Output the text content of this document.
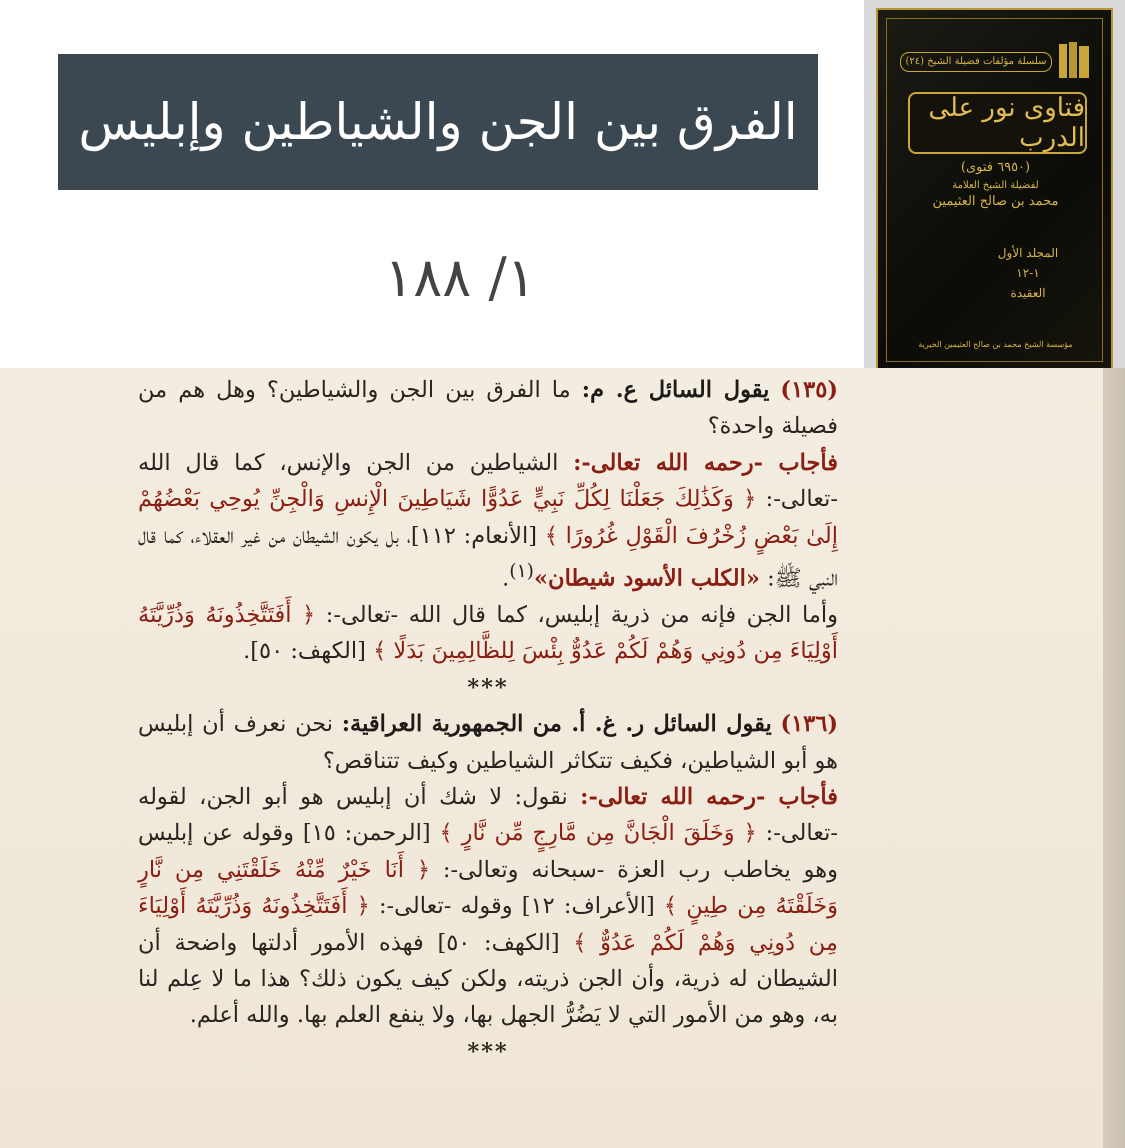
الفرق بين الجن والشياطين وإبليس
١/ ١٨٨
سلسلة مؤلفات فضيلة الشيخ (٢٤)
فتاوى نور على الدرب
(٦٩٥٠ فتوى)
لفضيلة الشيخ العلامة
محمد بن صالح العثيمين
المجلد الأول
١-١٢
العقيدة
مؤسسة الشيخ محمد بن صالح العثيمين الخيرية

(١٣٥) يقول السائل ع. م: ما الفرق بين الجن والشياطين؟ وهل هم من فصيلة واحدة؟

فأجاب -رحمه الله تعالى-: الشياطين من الجن والإنس، كما قال الله -تعالى-: ﴿ وَكَذَٰلِكَ جَعَلْنَا لِكُلِّ نَبِيٍّ عَدُوًّا شَيَاطِينَ الْإِنسِ وَالْجِنِّ يُوحِي بَعْضُهُمْ إِلَىٰ بَعْضٍ زُخْرُفَ الْقَوْلِ غُرُورًا ﴾ [الأنعام: ١١٢]، بل يكون الشيطان من غير العقلاء، كما قال النبي ﷺ: «الكلب الأسود شيطان»$^{(١)}$.

وأما الجن فإنه من ذرية إبليس، كما قال الله -تعالى-: ﴿ أَفَتَتَّخِذُونَهُ وَذُرِّيَّتَهُ أَوْلِيَاءَ مِن دُونِي وَهُمْ لَكُمْ عَدُوٌّ بِئْسَ لِلظَّالِمِينَ بَدَلًا ﴾ [الكهف: ٥٠].

***

(١٣٦) يقول السائل ر. غ. أ. من الجمهورية العراقية: نحن نعرف أن إبليس هو أبو الشياطين، فكيف تتكاثر الشياطين وكيف تتناقص؟

فأجاب -رحمه الله تعالى-: نقول: لا شك أن إبليس هو أبو الجن، لقوله -تعالى-: ﴿ وَخَلَقَ الْجَانَّ مِن مَّارِجٍ مِّن نَّارٍ ﴾ [الرحمن: ١٥] وقوله عن إبليس وهو يخاطب رب العزة -سبحانه وتعالى-: ﴿ أَنَا خَيْرٌ مِّنْهُ خَلَقْتَنِي مِن نَّارٍ وَخَلَقْتَهُ مِن طِينٍ ﴾ [الأعراف: ١٢] وقوله -تعالى-: ﴿ أَفَتَتَّخِذُونَهُ وَذُرِّيَّتَهُ أَوْلِيَاءَ مِن دُونِي وَهُمْ لَكُمْ عَدُوٌّ ﴾ [الكهف: ٥٠] فهذه الأمور أدلتها واضحة أن الشيطان له ذرية، وأن الجن ذريته، ولكن كيف يكون ذلك؟ هذا ما لا عِلم لنا به، وهو من الأمور التي لا يَضُرُّ الجهل بها، ولا ينفع العلم بها. والله أعلم.

***
